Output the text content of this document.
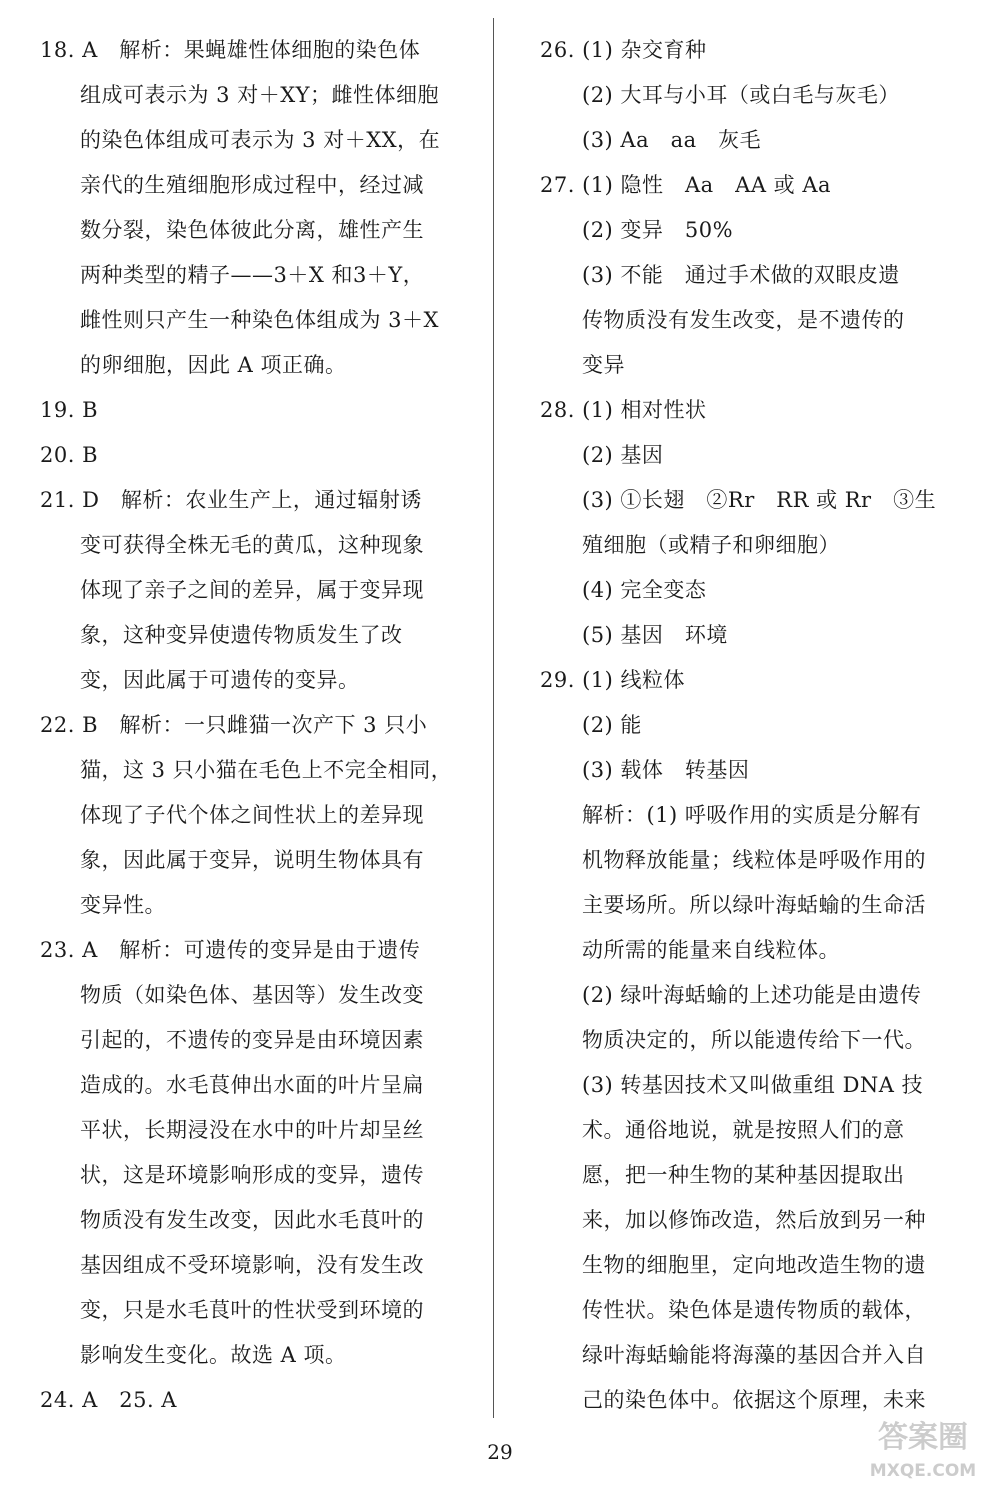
18. A　解析：果蝇雄性体细胞的染色体
组成可表示为 3 对＋XY；雌性体细胞
的染色体组成可表示为 3 对＋XX，在
亲代的生殖细胞形成过程中，经过减
数分裂，染色体彼此分离，雄性产生
两种类型的精子——3＋X 和3＋Y，
雌性则只产生一种染色体组成为 3＋X
的卵细胞，因此 A 项正确。
19. B
20. B
21. D　解析：农业生产上，通过辐射诱
变可获得全株无毛的黄瓜，这种现象
体现了亲子之间的差异，属于变异现
象，这种变异使遗传物质发生了改
变，因此属于可遗传的变异。
22. B　解析：一只雌猫一次产下 3 只小
猫，这 3 只小猫在毛色上不完全相同，
体现了子代个体之间性状上的差异现
象，因此属于变异，说明生物体具有
变异性。
23. A　解析：可遗传的变异是由于遗传
物质（如染色体、基因等）发生改变
引起的，不遗传的变异是由环境因素
造成的。水毛茛伸出水面的叶片呈扁
平状，长期浸没在水中的叶片却呈丝
状，这是环境影响形成的变异，遗传
物质没有发生改变，因此水毛茛叶的
基因组成不受环境影响，没有发生改
变，只是水毛茛叶的性状受到环境的
影响发生变化。故选 A 项。
24. A　25. A
26. (1) 杂交育种
(2) 大耳与小耳（或白毛与灰毛）
(3) Aa　aa　灰毛
27. (1) 隐性　Aa　AA 或 Aa
(2) 变异　50%
(3) 不能　通过手术做的双眼皮遗
传物质没有发生改变，是不遗传的
变异
28. (1) 相对性状
(2) 基因
(3) ①长翅　②Rr　RR 或 Rr　③生
殖细胞（或精子和卵细胞）
(4) 完全变态
(5) 基因　环境
29. (1) 线粒体
(2) 能
(3) 载体　转基因
解析：(1) 呼吸作用的实质是分解有
机物释放能量；线粒体是呼吸作用的
主要场所。所以绿叶海蛞蝓的生命活
动所需的能量来自线粒体。
(2) 绿叶海蛞蝓的上述功能是由遗传
物质决定的，所以能遗传给下一代。
(3) 转基因技术又叫做重组 DNA 技
术。通俗地说，就是按照人们的意
愿，把一种生物的某种基因提取出
来，加以修饰改造，然后放到另一种
生物的细胞里，定向地改造生物的遗
传性状。染色体是遗传物质的载体，
绿叶海蛞蝓能将海藻的基因合并入自
己的染色体中。依据这个原理，未来
29	答案圈
MXQE.COM
